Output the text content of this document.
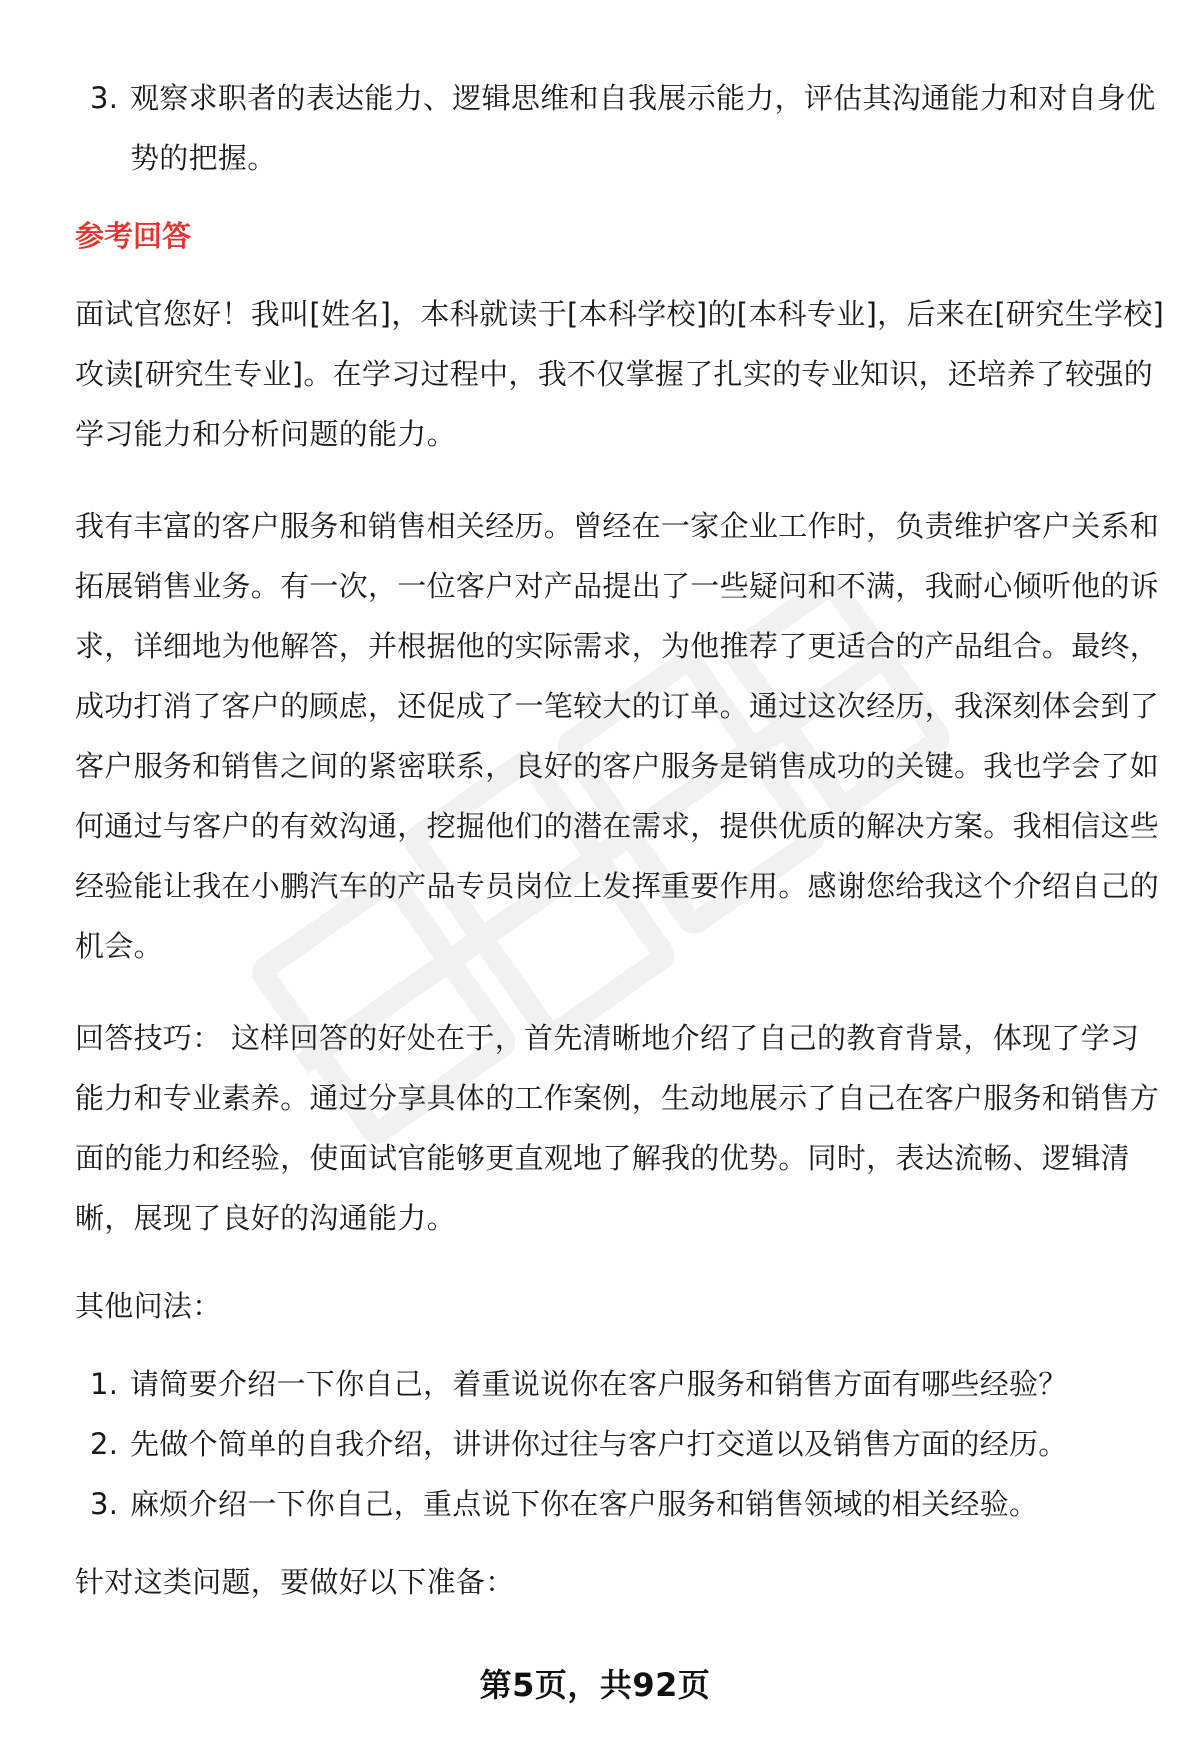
3. 观察求职者的表达能力、逻辑思维和自我展示能力，评估其沟通能力和对自身优势的把握。

参考回答

面试官您好！我叫[姓名]，本科就读于[本科学校]的[本科专业]，后来在[研究生学校]攻读[研究生专业]。在学习过程中，我不仅掌握了扎实的专业知识，还培养了较强的学习能力和分析问题的能力。

我有丰富的客户服务和销售相关经历。曾经在一家企业工作时，负责维护客户关系和拓展销售业务。有一次，一位客户对产品提出了一些疑问和不满，我耐心倾听他的诉求，详细地为他解答，并根据他的实际需求，为他推荐了更适合的产品组合。最终，成功打消了客户的顾虑，还促成了一笔较大的订单。通过这次经历，我深刻体会到了客户服务和销售之间的紧密联系，良好的客户服务是销售成功的关键。我也学会了如何通过与客户的有效沟通，挖掘他们的潜在需求，提供优质的解决方案。我相信这些经验能让我在小鹏汽车的产品专员岗位上发挥重要作用。感谢您给我这个介绍自己的机会。

回答技巧： 这样回答的好处在于，首先清晰地介绍了自己的教育背景，体现了学习能力和专业素养。通过分享具体的工作案例，生动地展示了自己在客户服务和销售方面的能力和经验，使面试官能够更直观地了解我的优势。同时，表达流畅、逻辑清晰，展现了良好的沟通能力。

其他问法：

1. 请简要介绍一下你自己，着重说说你在客户服务和销售方面有哪些经验？
2. 先做个简单的自我介绍，讲讲你过往与客户打交道以及销售方面的经历。
3. 麻烦介绍一下你自己，重点说下你在客户服务和销售领域的相关经验。

针对这类问题，要做好以下准备：

第5页，共92页
